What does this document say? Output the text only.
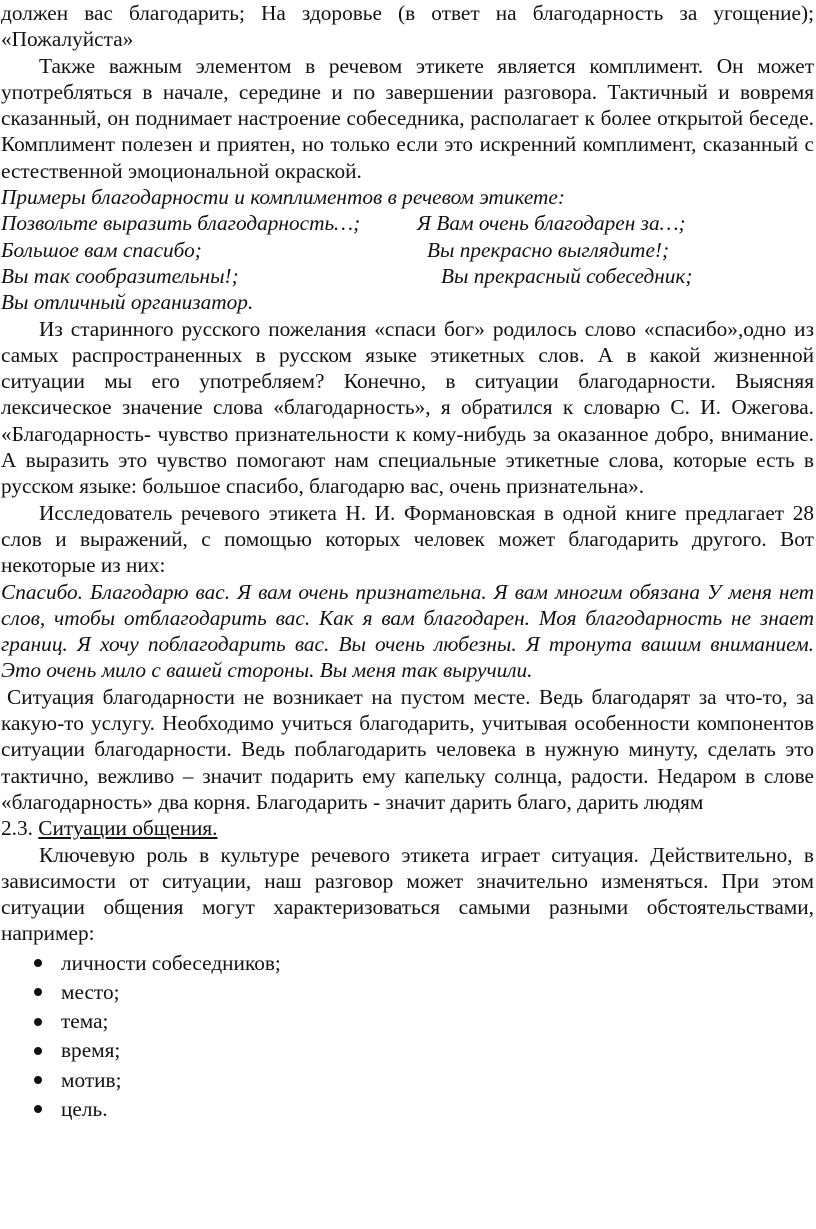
должен вас благодарить; На здоровье (в ответ на благодарность за угощение); «Пожалуйста»

Также важным элементом в речевом этикете является комплимент. Он может употребляться в начале, середине и по завершении разговора. Тактичный и вовремя сказанный, он поднимает настроение собеседника, располагает к более открытой беседе. Комплимент полезен и приятен, но только если это искренний комплимент, сказанный с естественной эмоциональной окраской.

Примеры благодарности и комплиментов в речевом этикете:

Позвольте выразить благодарность…;	Я Вам очень благодарен за…;
Большое вам спасибо;	Вы прекрасно выглядите!;
Вы так сообразительны!;	Вы прекрасный собеседник;

Вы отличный организатор.

Из старинного русского пожелания «спаси бог» родилось слово «спасибо»,одно из самых распространенных в русском языке этикетных слов. А в какой жизненной ситуации мы его употребляем? Конечно, в ситуации благодарности. Выясняя лексическое значение слова «благодарность», я обратился к словарю С. И. Ожегова. «Благодарность- чувство признательности к кому-нибудь за оказанное добро, внимание. А выразить это чувство помогают нам специальные этикетные слова, которые есть в русском языке: большое спасибо, благодарю вас, очень признательна».

Исследователь речевого этикета Н. И. Формановская в одной книге предлагает 28 слов и выражений, с помощью которых человек может благодарить другого. Вот некоторые из них:

Спасибо. Благодарю вас. Я вам очень признательна. Я вам многим обязана У меня нет слов, чтобы отблагодарить вас. Как я вам благодарен. Моя благодарность не знает границ. Я хочу поблагодарить вас. Вы очень любезны. Я тронута вашим вниманием. Это очень мило с вашей стороны. Вы меня так выручили.

Ситуация благодарности не возникает на пустом месте. Ведь благодарят за что-то, за какую-то услугу. Необходимо учиться благодарить, учитывая особенности компонентов ситуации благодарности. Ведь поблагодарить человека в нужную минуту, сделать это тактично, вежливо – значит подарить ему капельку солнца, радости. Недаром в слове «благодарность» два корня. Благодарить - значит дарить благо, дарить людям

2.3. Ситуации общения.

Ключевую роль в культуре речевого этикета играет ситуация. Действительно, в зависимости от ситуации, наш разговор может значительно изменяться. При этом ситуации общения могут характеризоваться самыми разными обстоятельствами, например:

личности собеседников;
место;
тема;
время;
мотив;
цель.
